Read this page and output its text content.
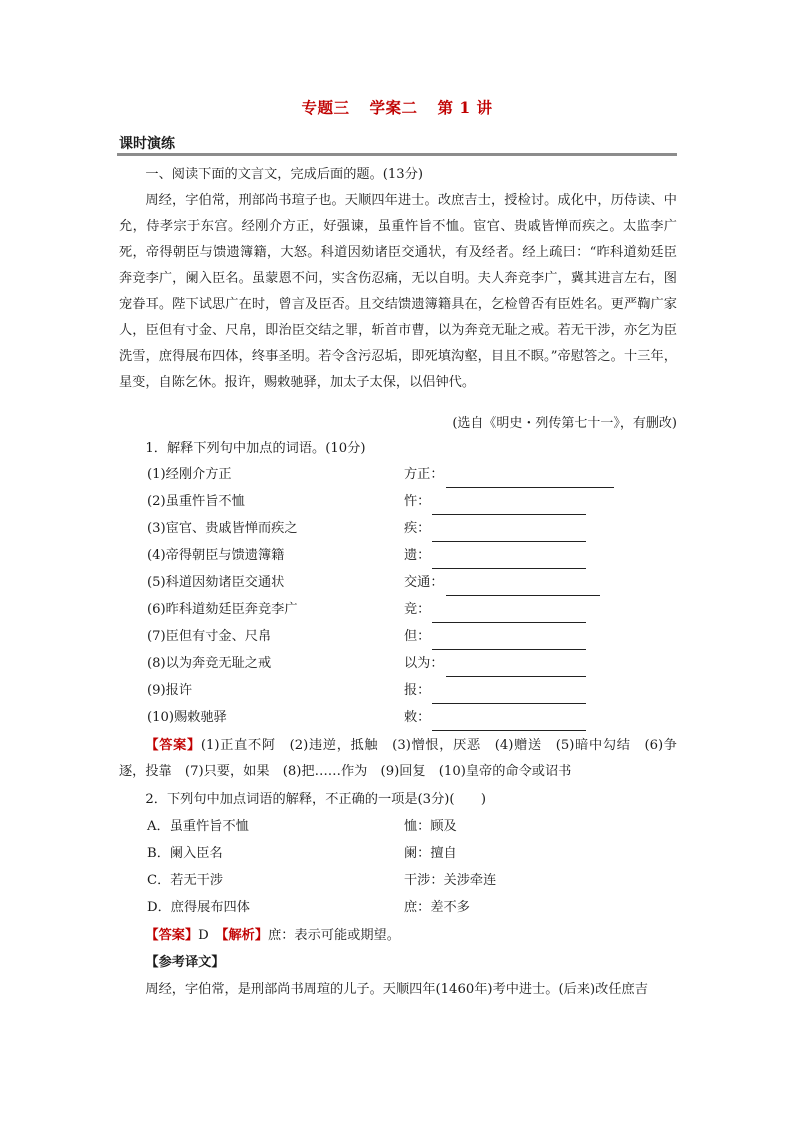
专题三 学案二 第 1 讲
课时演练
一、阅读下面的文言文，完成后面的题。(13分)
周经，字伯常，刑部尚书瑄子也。天顺四年进士。改庶吉士，授检讨。成化中，历侍读、中允，侍孝宗于东宫。经刚介方正，好强谏，虽重忤旨不恤。宦官、贵戚皆惮而疾之。太监李广死，帝得朝臣与馈遗簿籍，大怒。科道因劾诸臣交通状，有及经者。经上疏曰：“昨科道劾廷臣奔竞李广，阑入臣名。虽蒙恩不问，实含伤忍痛，无以自明。夫人奔竞李广，冀其进言左右，图宠眷耳。陛下试思广在时，曾言及臣否。且交结馈遗簿籍具在，乞检曾否有臣姓名。更严鞫广家人，臣但有寸金、尺帛，即治臣交结之罪，斩首市曹，以为奔竞无耻之戒。若无干涉，亦乞为臣洗雪，庶得展布四体，终事圣明。若令含污忍垢，即死填沟壑，目且不瞑。”帝慰答之。十三年，星变，自陈乞休。报许，赐敕驰驿，加太子太保，以侣钟代。
(选自《明史・列传第七十一》，有删改)
1．解释下列句中加点的词语。(10分)
(1)经刚介方正	方正：
(2)虽重忤旨不恤	忤：
(3)宦官、贵戚皆惮而疾之	疾：
(4)帝得朝臣与馈遗簿籍	遗：
(5)科道因劾诸臣交通状	交通：
(6)昨科道劾廷臣奔竞李广	竞：
(7)臣但有寸金、尺帛	但：
(8)以为奔竞无耻之戒	以为：
(9)报许	报：
(10)赐敕驰驿	敕：
【答案】(1)正直不阿　(2)违逆，抵触　(3)憎恨，厌恶　(4)赠送　(5)暗中勾结　(6)争逐，投靠　(7)只要，如果　(8)把……作为　(9)回复　(10)皇帝的命令或诏书
2．下列句中加点词语的解释，不正确的一项是(3分)(　　)
A．虽重忤旨不恤	恤：顾及
B．阑入臣名	阑：擅自
C．若无干涉	干涉：关涉牵连
D．庶得展布四体	庶：差不多
【答案】D　【解析】庶：表示可能或期望。
【参考译文】
周经，字伯常，是刑部尚书周瑄的儿子。天顺四年(1460年)考中进士。(后来)改任庶吉
